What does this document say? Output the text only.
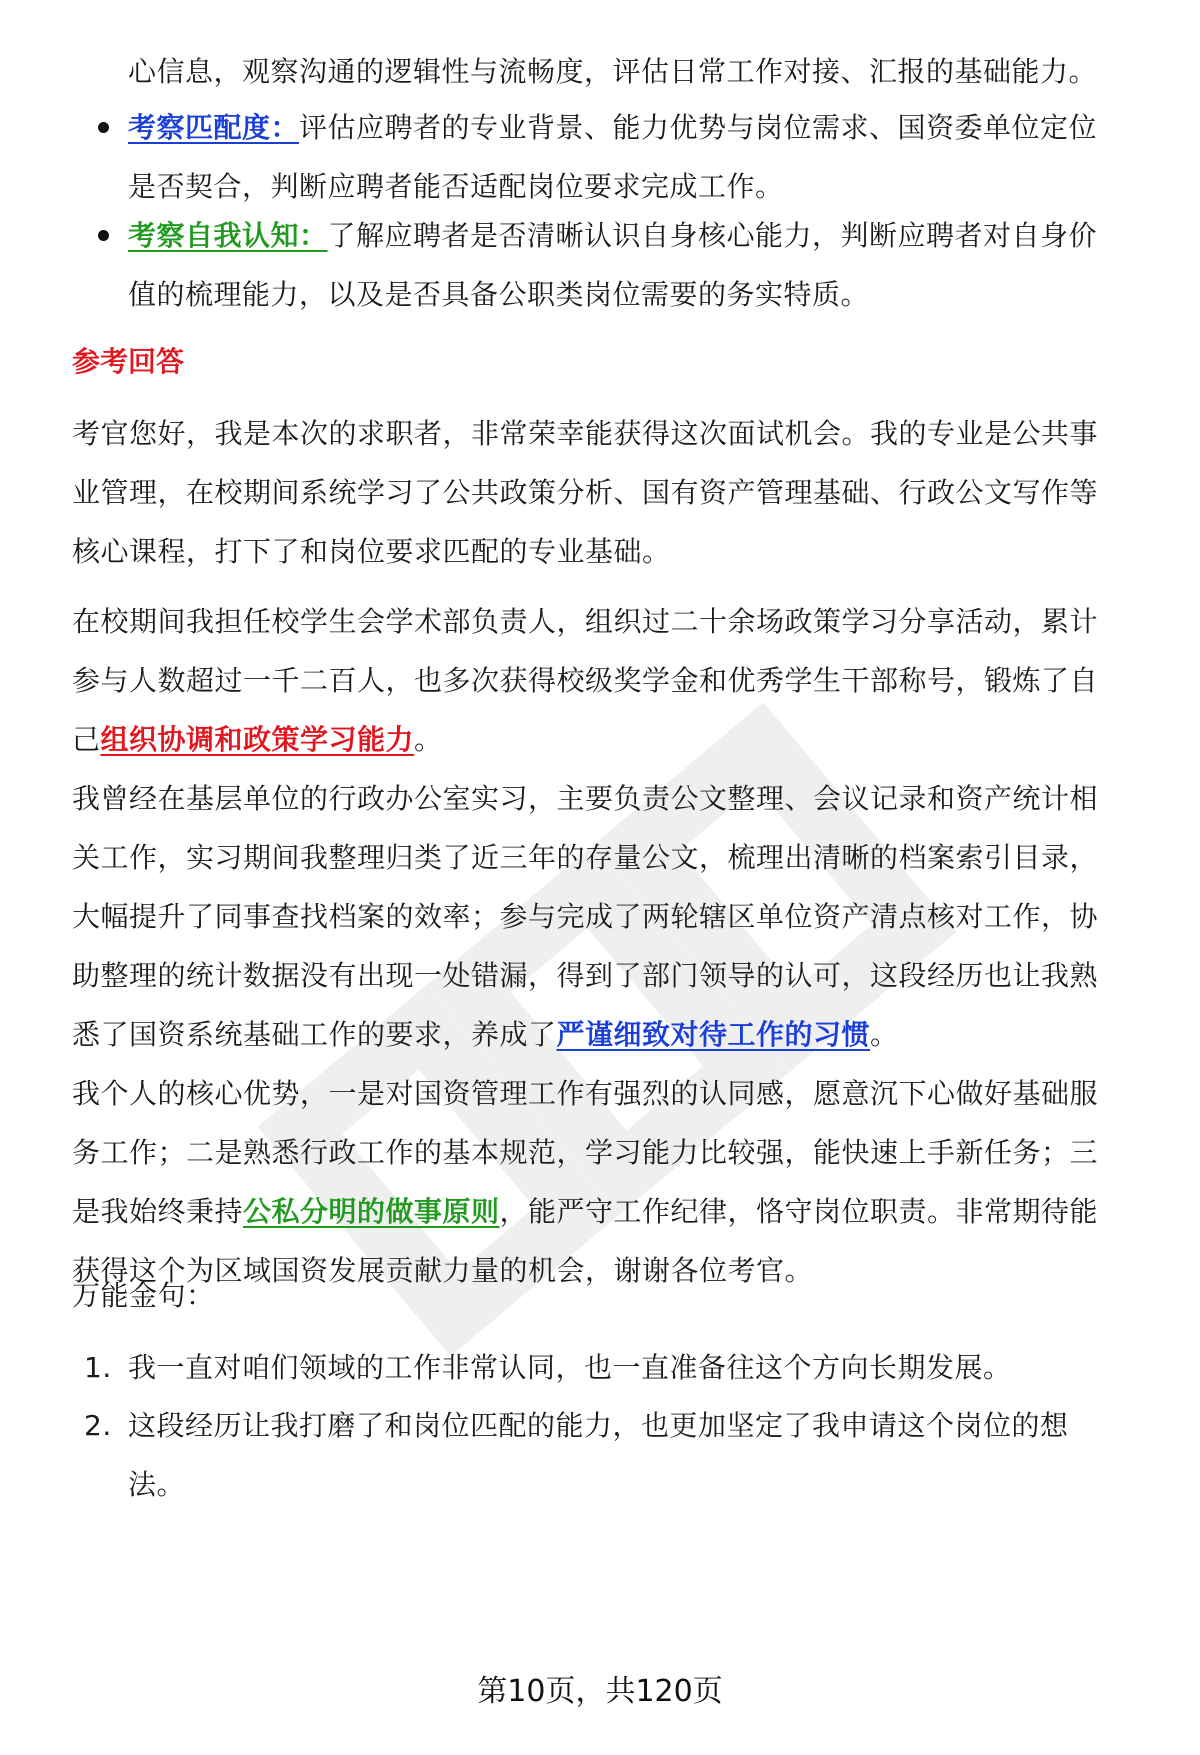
心信息，观察沟通的逻辑性与流畅度，评估日常工作对接、汇报的基础能力。
考察匹配度：评估应聘者的专业背景、能力优势与岗位需求、国资委单位定位
是否契合，判断应聘者能否适配岗位要求完成工作。
考察自我认知：了解应聘者是否清晰认识自身核心能力，判断应聘者对自身价
值的梳理能力，以及是否具备公职类岗位需要的务实特质。
参考回答
考官您好，我是本次的求职者，非常荣幸能获得这次面试机会。我的专业是公共事
业管理，在校期间系统学习了公共政策分析、国有资产管理基础、行政公文写作等
核心课程，打下了和岗位要求匹配的专业基础。
在校期间我担任校学生会学术部负责人，组织过二十余场政策学习分享活动，累计
参与人数超过一千二百人，也多次获得校级奖学金和优秀学生干部称号，锻炼了自
己组织协调和政策学习能力。
我曾经在基层单位的行政办公室实习，主要负责公文整理、会议记录和资产统计相
关工作，实习期间我整理归类了近三年的存量公文，梳理出清晰的档案索引目录，
大幅提升了同事查找档案的效率；参与完成了两轮辖区单位资产清点核对工作，协
助整理的统计数据没有出现一处错漏，得到了部门领导的认可，这段经历也让我熟
悉了国资系统基础工作的要求，养成了严谨细致对待工作的习惯。
我个人的核心优势，一是对国资管理工作有强烈的认同感，愿意沉下心做好基础服
务工作；二是熟悉行政工作的基本规范，学习能力比较强，能快速上手新任务；三
是我始终秉持公私分明的做事原则，能严守工作纪律，恪守岗位职责。非常期待能
获得这个为区域国资发展贡献力量的机会，谢谢各位考官。
万能金句：
1. 我一直对咱们领域的工作非常认同，也一直准备往这个方向长期发展。
2. 这段经历让我打磨了和岗位匹配的能力，也更加坚定了我申请这个岗位的想
法。
第10页，共120页
